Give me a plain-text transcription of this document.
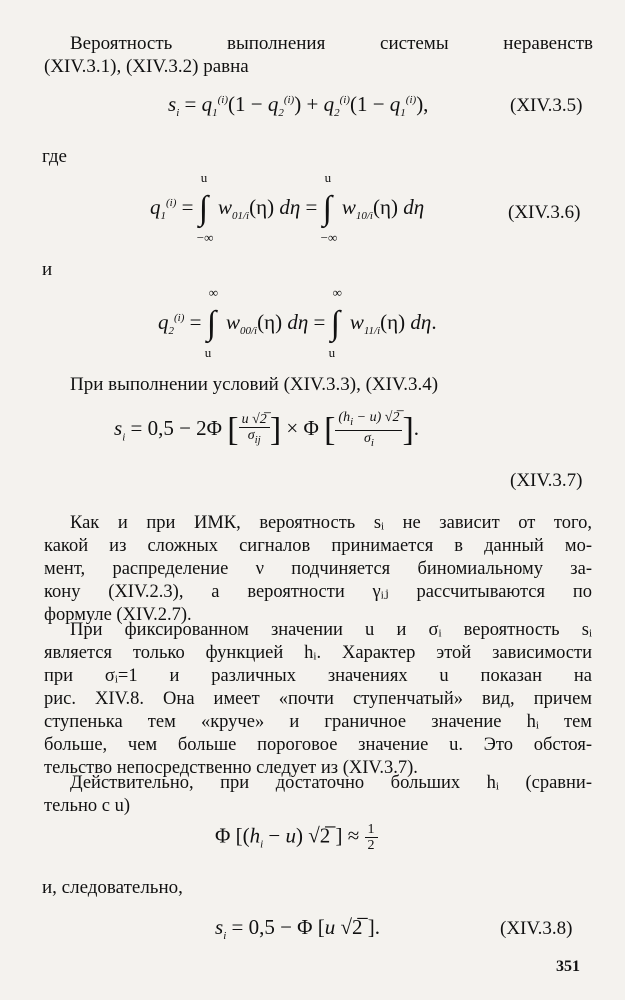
Вероятность	выполнения	системы	неравенств
(XIV.3.1), (XIV.3.2) равна
$s_i = q_1^{(i)}(1 - q_2^{(i)}) + q_2^{(i)}(1 - q_1^{(i)})$,	(XIV.3.5)
где
$q_1^{(i)}$ = ∫
u
−∞
$w_{01/i}(\eta) d\eta$ = ∫
u
−∞
$w_{10/i}(\eta)$ dη	(XIV.3.6)
и
$q_2^{(i)}$ = ∫
∞
u
$w_{00/i}(\eta) d\eta$ = ∫
∞
u
$w_{11/i}(\eta)$ dη.
При выполнении условий (XIV.3.3), (XIV.3.4)
$s_i = 0,5 - 2\Phi$ [ $\frac{u √2̅}{\sigma_{ij}}$ ] × Φ [ $\frac{(h_i - u) √2̅}{\sigma_i}$ ].
(XIV.3.7)
Как и при ИМК, вероятность sᵢ не зависит от того,
какой из сложных сигналов принимается в данный мо-
мент, распределение ν подчиняется биномиальному за-
кону (XIV.2.3), а вероятности γᵢⱼ рассчитываются по
формуле (XIV.2.7).
При фиксированном значении u и σᵢ вероятность sᵢ
является только функцией hᵢ. Характер этой зависимости
при σᵢ=1 и различных значениях u показан на
рис. XIV.8. Она имеет «почти ступенчатый» вид, причем
ступенька тем «круче» и граничное значение hᵢ тем
больше, чем больше пороговое значение u. Это обстоя-
тельство непосредственно следует из (XIV.3.7).
Действительно, при достаточно больших hᵢ (сравни-
тельно с u)
Φ [$(h_i - u)$ √2̅ ] ≈ $\frac{1}{2}$
и, следовательно,
$s_i = 0,5 - \Phi$ [u √2̅ ].	(XIV.3.8)
351
